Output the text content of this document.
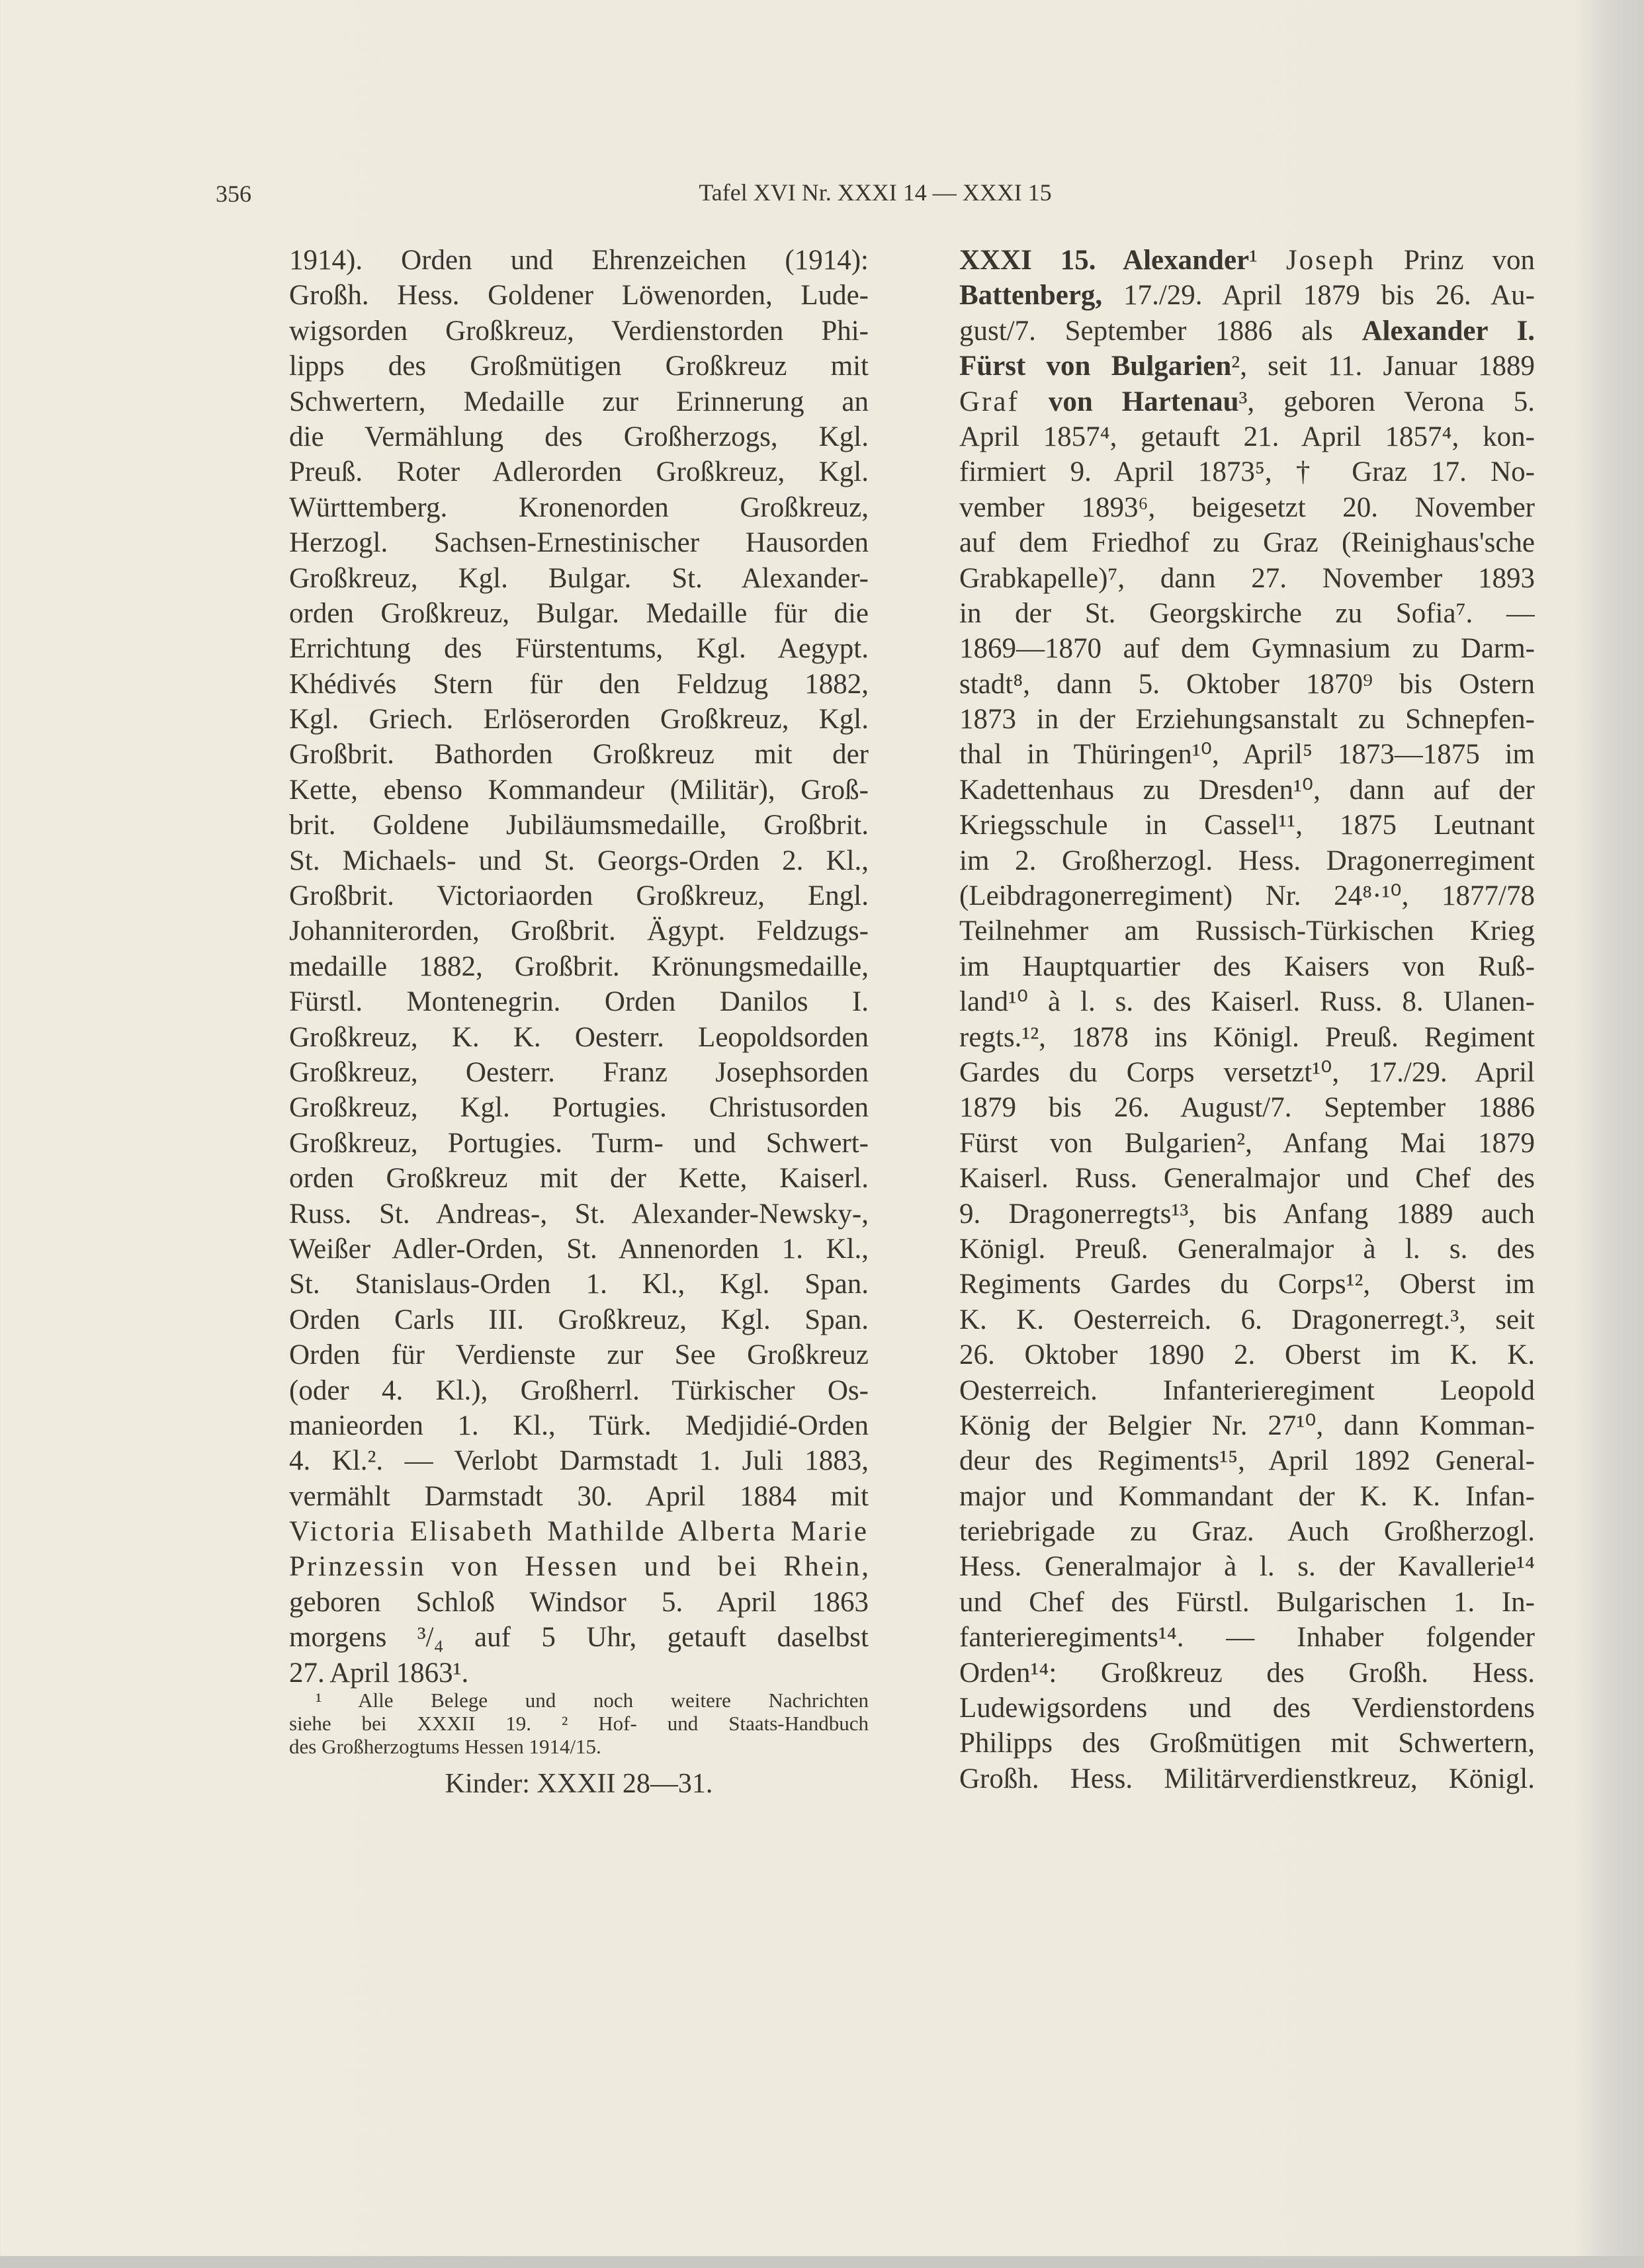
356	Tafel XVI Nr. XXXI 14 — XXXI 15
1914). Orden und Ehrenzeichen (1914):
Großh. Hess. Goldener Löwenorden, Lude-
wigsorden Großkreuz, Verdienstorden Phi-
lipps des Großmütigen Großkreuz mit
Schwertern, Medaille zur Erinnerung an
die Vermählung des Großherzogs, Kgl.
Preuß. Roter Adlerorden Großkreuz, Kgl.
Württemberg. Kronenorden Großkreuz,
Herzogl. Sachsen-Ernestinischer Hausorden
Großkreuz, Kgl. Bulgar. St. Alexander-
orden Großkreuz, Bulgar. Medaille für die
Errichtung des Fürstentums, Kgl. Aegypt.
Khédivés Stern für den Feldzug 1882,
Kgl. Griech. Erlöserorden Großkreuz, Kgl.
Großbrit. Bathorden Großkreuz mit der
Kette, ebenso Kommandeur (Militär), Groß-
brit. Goldene Jubiläumsmedaille, Großbrit.
St. Michaels- und St. Georgs-Orden 2. Kl.,
Großbrit. Victoriaorden Großkreuz, Engl.
Johanniterorden, Großbrit. Ägypt. Feldzugs-
medaille 1882, Großbrit. Krönungsmedaille,
Fürstl. Montenegrin. Orden Danilos I.
Großkreuz, K. K. Oesterr. Leopoldsorden
Großkreuz, Oesterr. Franz Josephsorden
Großkreuz, Kgl. Portugies. Christusorden
Großkreuz, Portugies. Turm- und Schwert-
orden Großkreuz mit der Kette, Kaiserl.
Russ. St. Andreas-, St. Alexander-Newsky-,
Weißer Adler-Orden, St. Annenorden 1. Kl.,
St. Stanislaus-Orden 1. Kl., Kgl. Span.
Orden Carls III. Großkreuz, Kgl. Span.
Orden für Verdienste zur See Großkreuz
(oder 4. Kl.), Großherrl. Türkischer Os-
manieorden 1. Kl., Türk. Medjidié-Orden
4. Kl.². — Verlobt Darmstadt 1. Juli 1883,
vermählt Darmstadt 30. April 1884 mit
Victoria Elisabeth Mathilde Alberta Marie
Prinzessin von Hessen und bei Rhein,
geboren Schloß Windsor 5. April 1863
morgens ³/₄ auf 5 Uhr, getauft daselbst
27. April 1863¹.
¹ Alle Belege und noch weitere Nachrichten
siehe bei XXXII 19. ² Hof- und Staats-Handbuch
des Großherzogtums Hessen 1914/15.
Kinder: XXXII 28—31.
XXXI 15. Alexander¹ Joseph Prinz von
Battenberg, 17./29. April 1879 bis 26. Au-
gust/7. September 1886 als Alexander I.
Fürst von Bulgarien², seit 11. Januar 1889
Graf von Hartenau³, geboren Verona 5.
April 1857⁴, getauft 21. April 1857⁴, kon-
firmiert 9. April 1873⁵, † Graz 17. No-
vember 1893⁶, beigesetzt 20. November
auf dem Friedhof zu Graz (Reinighaus'sche
Grabkapelle)⁷, dann 27. November 1893
in der St. Georgskirche zu Sofia⁷. —
1869—1870 auf dem Gymnasium zu Darm-
stadt⁸, dann 5. Oktober 1870⁹ bis Ostern
1873 in der Erziehungsanstalt zu Schnepfen-
thal in Thüringen¹⁰, April⁵ 1873—1875 im
Kadettenhaus zu Dresden¹⁰, dann auf der
Kriegsschule in Cassel¹¹, 1875 Leutnant
im 2. Großherzogl. Hess. Dragonerregiment
(Leibdragonerregiment) Nr. 24⁸·¹⁰, 1877/78
Teilnehmer am Russisch-Türkischen Krieg
im Hauptquartier des Kaisers von Ruß-
land¹⁰ à l. s. des Kaiserl. Russ. 8. Ulanen-
regts.¹², 1878 ins Königl. Preuß. Regiment
Gardes du Corps versetzt¹⁰, 17./29. April
1879 bis 26. August/7. September 1886
Fürst von Bulgarien², Anfang Mai 1879
Kaiserl. Russ. Generalmajor und Chef des
9. Dragonerregts¹³, bis Anfang 1889 auch
Königl. Preuß. Generalmajor à l. s. des
Regiments Gardes du Corps¹², Oberst im
K. K. Oesterreich. 6. Dragonerregt.³, seit
26. Oktober 1890 2. Oberst im K. K.
Oesterreich. Infanterieregiment Leopold
König der Belgier Nr. 27¹⁰, dann Komman-
deur des Regiments¹⁵, April 1892 General-
major und Kommandant der K. K. Infan-
teriebrigade zu Graz. Auch Großherzogl.
Hess. Generalmajor à l. s. der Kavallerie¹⁴
und Chef des Fürstl. Bulgarischen 1. In-
fanterieregiments¹⁴. — Inhaber folgender
Orden¹⁴: Großkreuz des Großh. Hess.
Ludewigsordens und des Verdienstordens
Philipps des Großmütigen mit Schwertern,
Großh. Hess. Militärverdienstkreuz, Königl.
